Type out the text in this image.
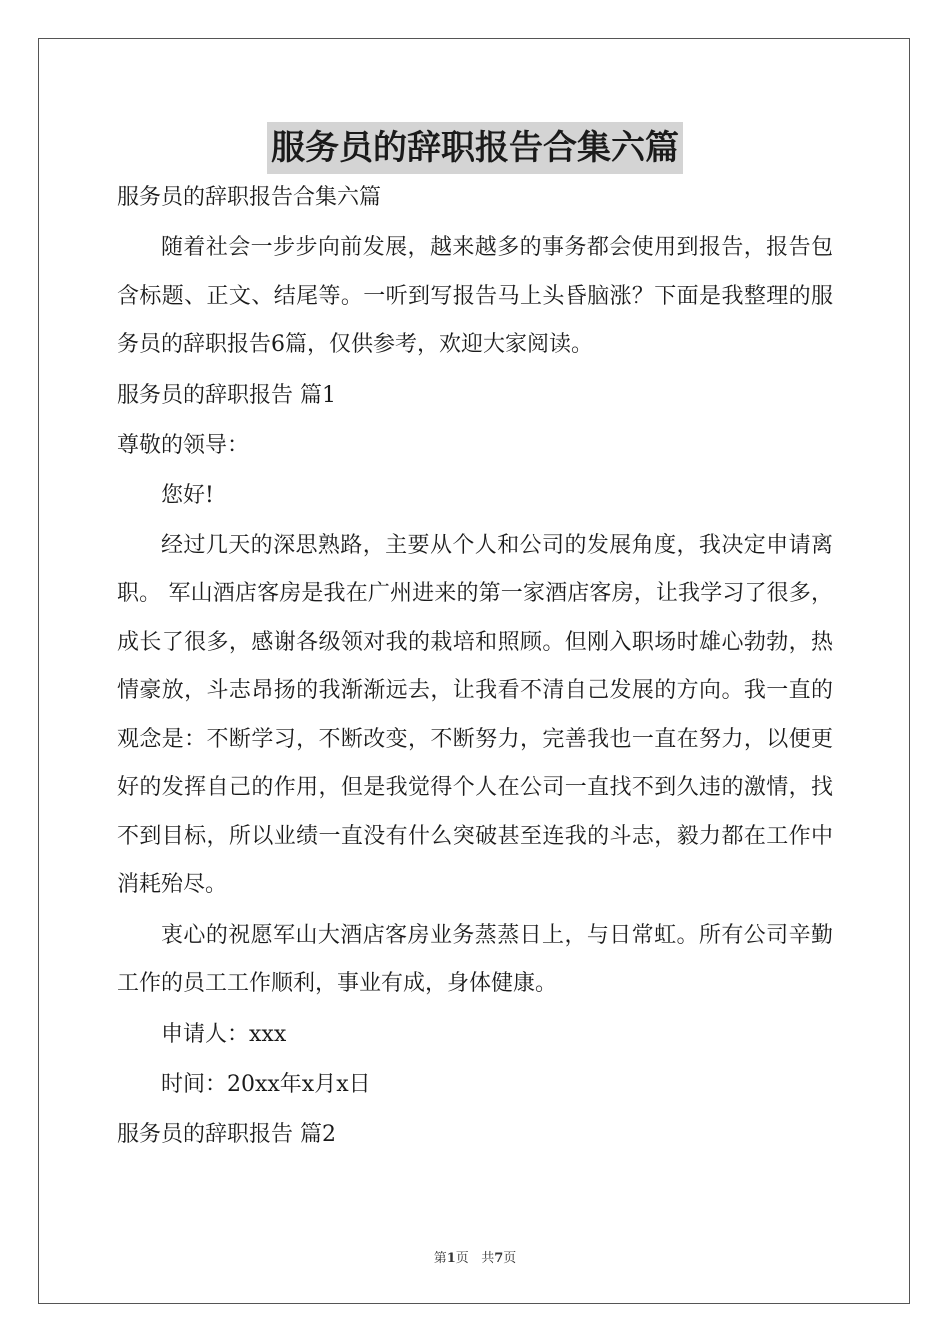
服务员的辞职报告合集六篇
服务员的辞职报告合集六篇
随着社会一步步向前发展，越来越多的事务都会使用到报告，报告包含标题、正文、结尾等。一听到写报告马上头昏脑涨？下面是我整理的服务员的辞职报告6篇，仅供参考，欢迎大家阅读。
服务员的辞职报告 篇1
尊敬的领导：
您好!
经过几天的深思熟路，主要从个人和公司的发展角度，我决定申请离职。 军山酒店客房是我在广州进来的第一家酒店客房，让我学习了很多，成长了很多，感谢各级领对我的栽培和照顾。但刚入职场时雄心勃勃，热情豪放，斗志昂扬的我渐渐远去，让我看不清自己发展的方向。我一直的观念是：不断学习，不断改变，不断努力，完善我也一直在努力，以便更好的发挥自己的作用，但是我觉得个人在公司一直找不到久违的激情，找不到目标，所以业绩一直没有什么突破甚至连我的斗志，毅力都在工作中消耗殆尽。
衷心的祝愿军山大酒店客房业务蒸蒸日上，与日常虹。所有公司辛勤工作的员工工作顺利，事业有成，身体健康。
申请人：xxx
时间：20xx年x月x日
服务员的辞职报告 篇2
第1页 共7页
